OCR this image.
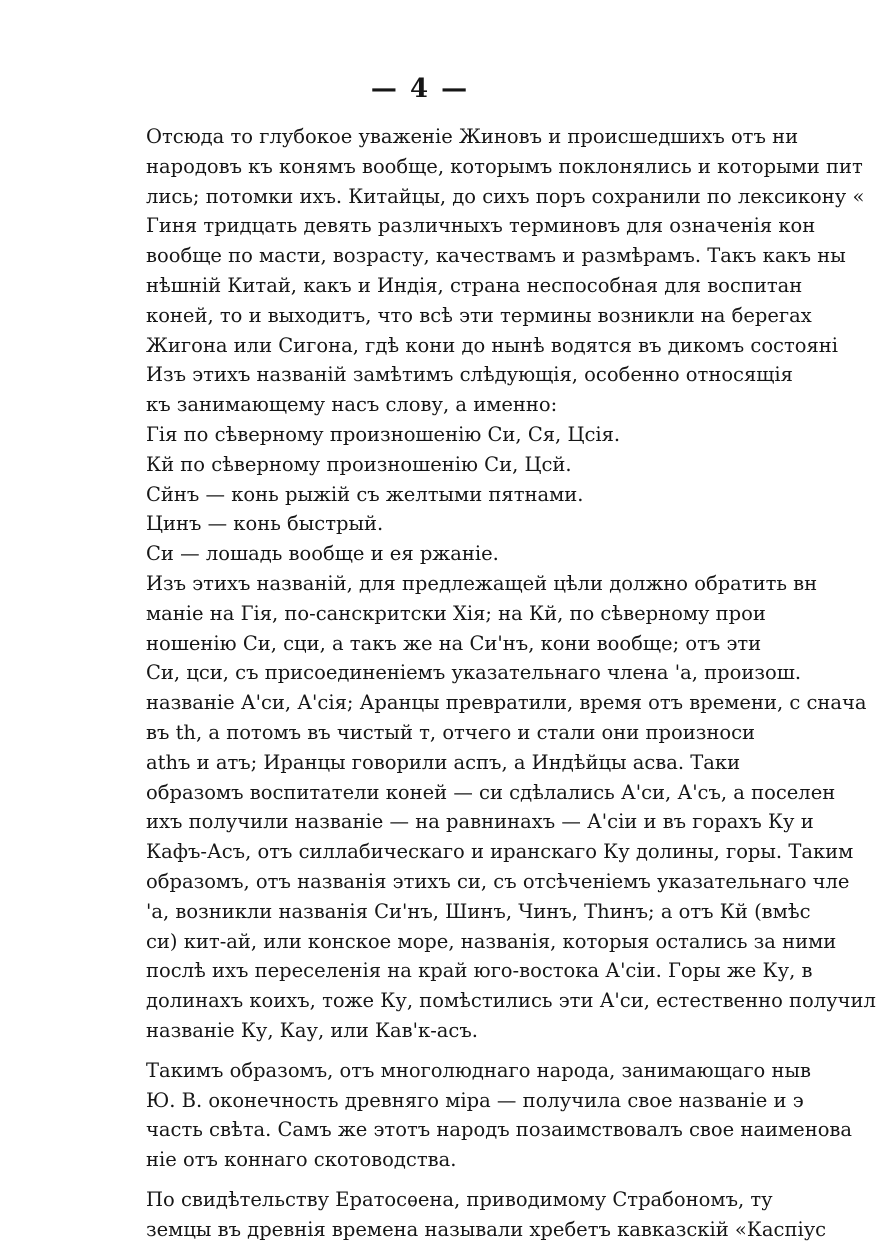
— 4 —
Отсюда то глубокое уваженіе Жиновъ и происшедшихъ отъ ни
народовъ къ конямъ вообще, которымъ поклонялись и которыми пит
лись; потомки ихъ. Китайцы, до сихъ поръ сохранили по лексикону «
Гиня тридцать девять различныхъ терминовъ для означенія кон
вообще по масти, возрасту, качествамъ и размѣрамъ. Такъ какъ ны
нѣшній Китай, какъ и Индія, страна неспособная для воспитан
коней, то и выходитъ, что всѣ эти термины возникли на берегах
Жигона или Сигона, гдѣ кони до нынѣ водятся въ дикомъ состоянi
Изъ этихъ названій замѣтимъ слѣдующія, особенно относящія
къ занимающему насъ слову, а именно:
Гія по сѣверному произношенію Си, Ся, Цсія.
Кй по сѣверному произношенію Си, Цсй.
Сйнъ — конь рыжій съ желтыми пятнами.
Цинъ — конь быстрый.
Си — лошадь вообще и ея ржаніе.
Изъ этихъ названій, для предлежащей цѣли должно обратить вн
маніе на Гія, по-санскритски Хія; на Кй, по сѣверному прои
ношенію Си, сци, а такъ же на Си'нъ, кони вообще; отъ эти
Си, цси, съ присоединеніемъ указательнаго члена 'а, произош.
названіе А'си, А'сія; Аранцы превратили, время отъ времени, с снача
въ th, а потомъ въ чистый т, отчего и стали они произноси
athъ и атъ; Иранцы говорили аспъ, а Индѣйцы асва. Таки
образомъ воспитатели коней — си сдѣлались А'си, А'съ, а поселен
ихъ получили названіе — на равнинахъ — А'сіи и въ горахъ Ку и
Кафъ-Асъ, отъ силлабическаго и иранскаго Ку долины, горы. Таким
образомъ, отъ названія этихъ си, съ отсѣченіемъ указательнаго чле
'а, возникли названія Си'нъ, Шинъ, Чинъ, Тhинъ; а отъ Кй (вмѣс
си) кит-ай, или конское море, названія, которыя остались за ними
послѣ ихъ переселенія на край юго-востока А'сіи. Горы же Ку, в
долинахъ коихъ, тоже Ку, помѣстились эти А'си, естественно получил
названіе Ку, Кау, или Кав'к-асъ.
Такимъ образомъ, отъ многолюднаго народа, занимающаго ныв
Ю. В. оконечность древняго міра — получила свое названіе и э
часть свѣта. Самъ же этотъ народъ позаимствовалъ свое наименова
ніе отъ коннаго скотоводства.
По свидѣтельству Ератосѳена, приводимому Страбономъ, ту
земцы въ древнія времена называли хребетъ кавказскій «Каспіус
